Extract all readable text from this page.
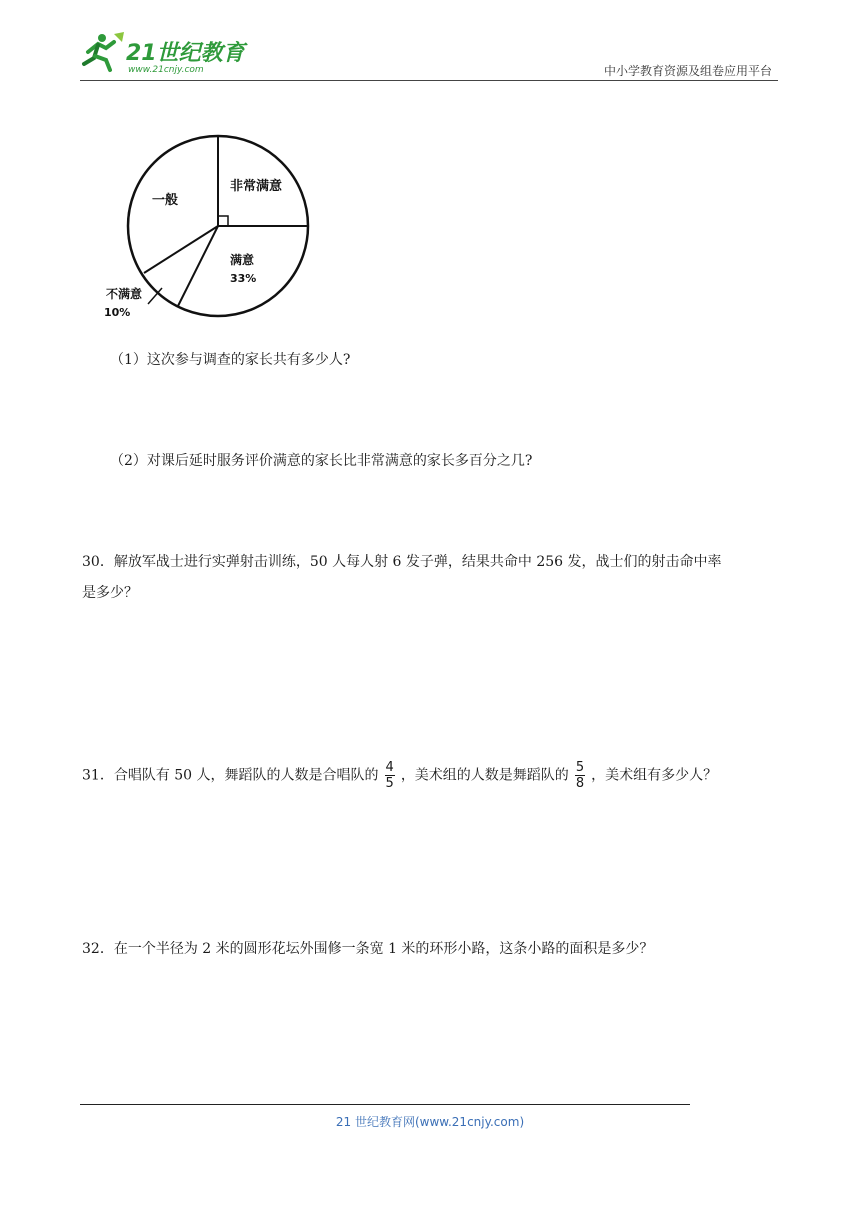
21世纪教育
www.21cnjy.com	中小学教育资源及组卷应用平台
非常满意
满意
33%
一般
不满意
10%
（1）这次参与调查的家长共有多少人?
（2）对课后延时服务评价满意的家长比非常满意的家长多百分之几?
30．解放军战士进行实弹射击训练，50 人每人射 6 发子弹，结果共命中 256 发，战士们的射击命中率
是多少？
31．合唱队有 50 人，舞蹈队的人数是合唱队的 $\frac{4}{5}$ ，美术组的人数是舞蹈队的 $\frac{5}{8}$ ，美术组有多少人？
32．在一个半径为 2 米的圆形花坛外围修一条宽 1 米的环形小路，这条小路的面积是多少？
21 世纪教育网(www.21cnjy.com)
